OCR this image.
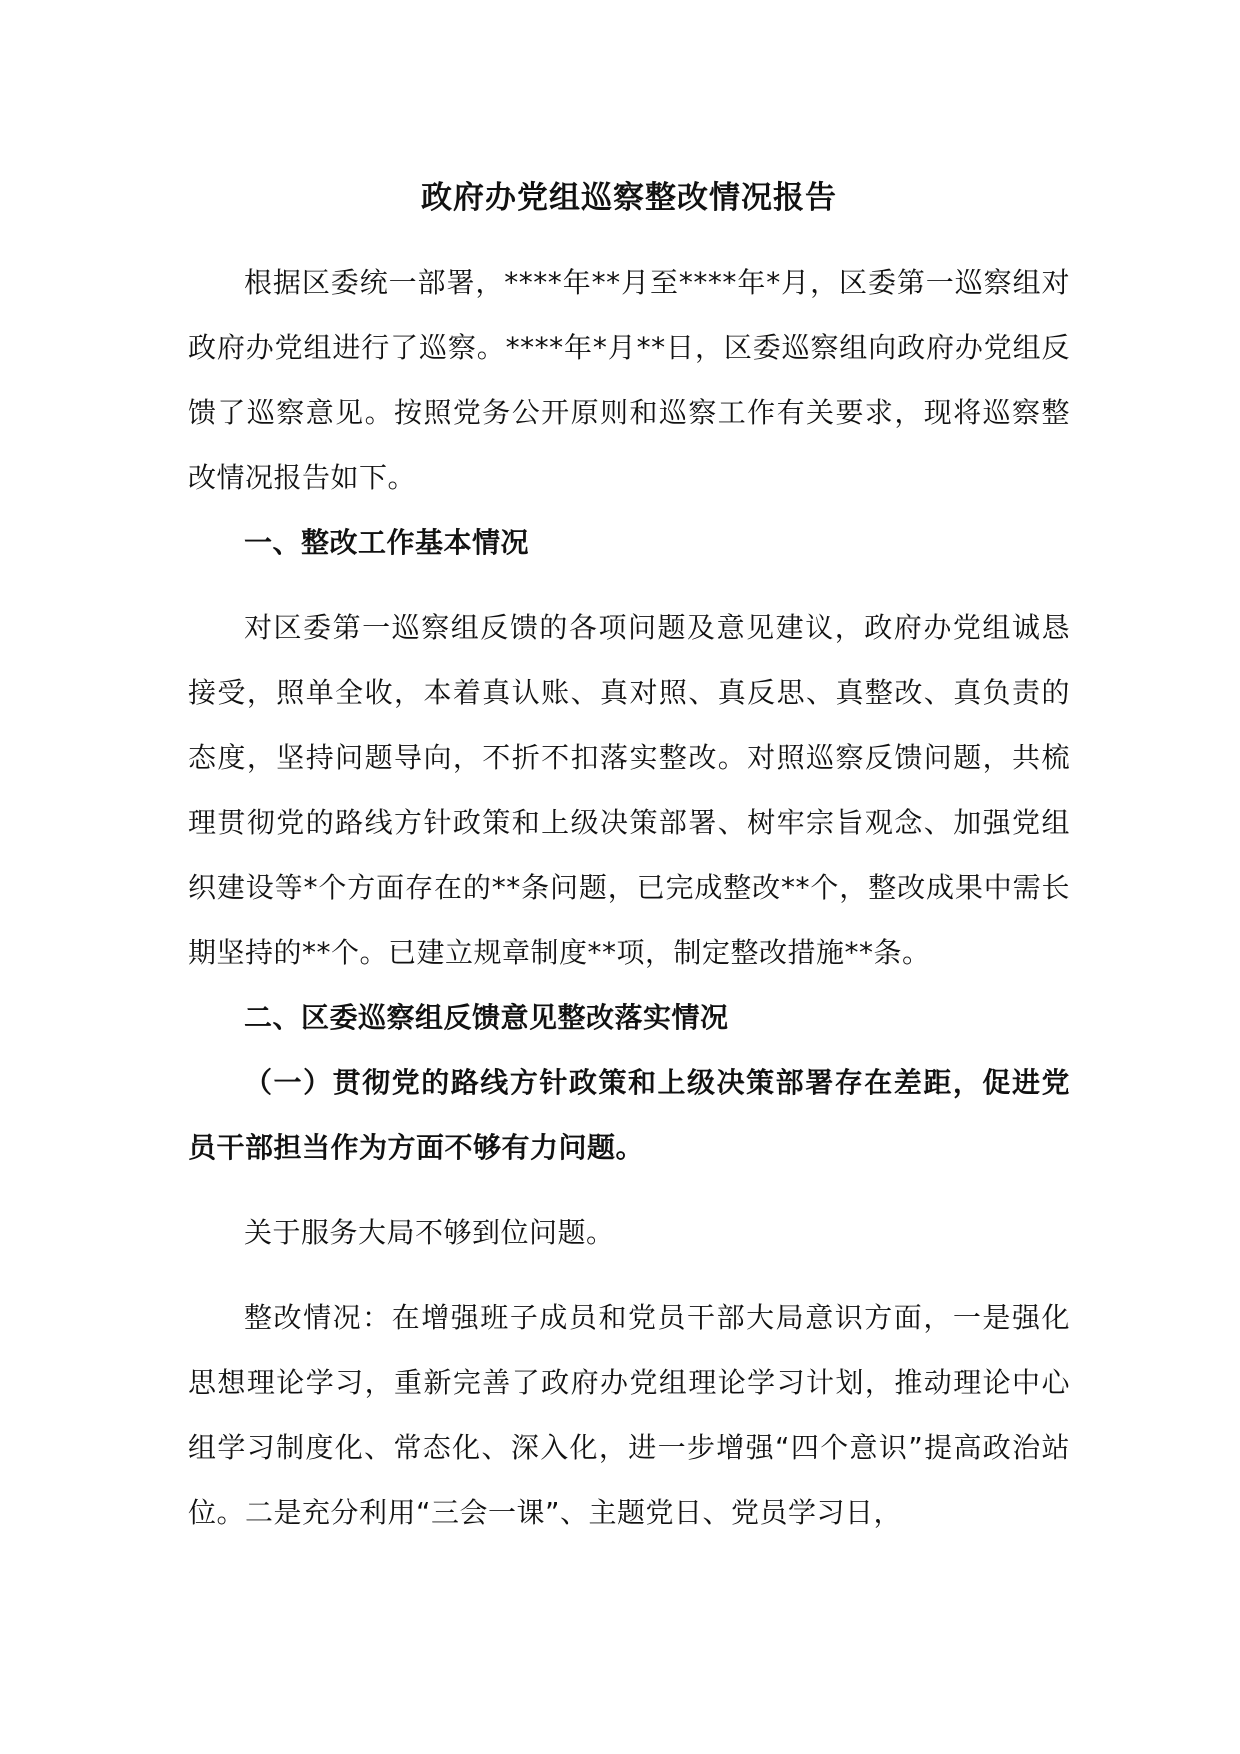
政府办党组巡察整改情况报告

根据区委统一部署，****年**月至****年*月，区委第一巡察组对政府办党组进行了巡察。****年*月**日，区委巡察组向政府办党组反馈了巡察意见。按照党务公开原则和巡察工作有关要求，现将巡察整改情况报告如下。

一、整改工作基本情况

对区委第一巡察组反馈的各项问题及意见建议，政府办党组诚恳接受，照单全收，本着真认账、真对照、真反思、真整改、真负责的态度，坚持问题导向，不折不扣落实整改。对照巡察反馈问题，共梳理贯彻党的路线方针政策和上级决策部署、树牢宗旨观念、加强党组织建设等*个方面存在的**条问题，已完成整改**个，整改成果中需长期坚持的**个。已建立规章制度**项，制定整改措施**条。

二、区委巡察组反馈意见整改落实情况
（一）贯彻党的路线方针政策和上级决策部署存在差距，促进党员干部担当作为方面不够有力问题。

关于服务大局不够到位问题。

整改情况：在增强班子成员和党员干部大局意识方面，一是强化思想理论学习，重新完善了政府办党组理论学习计划，推动理论中心组学习制度化、常态化、深入化，进一步增强“四个意识”提高政治站位。二是充分利用“三会一课”、主题党日、党员学习日，
